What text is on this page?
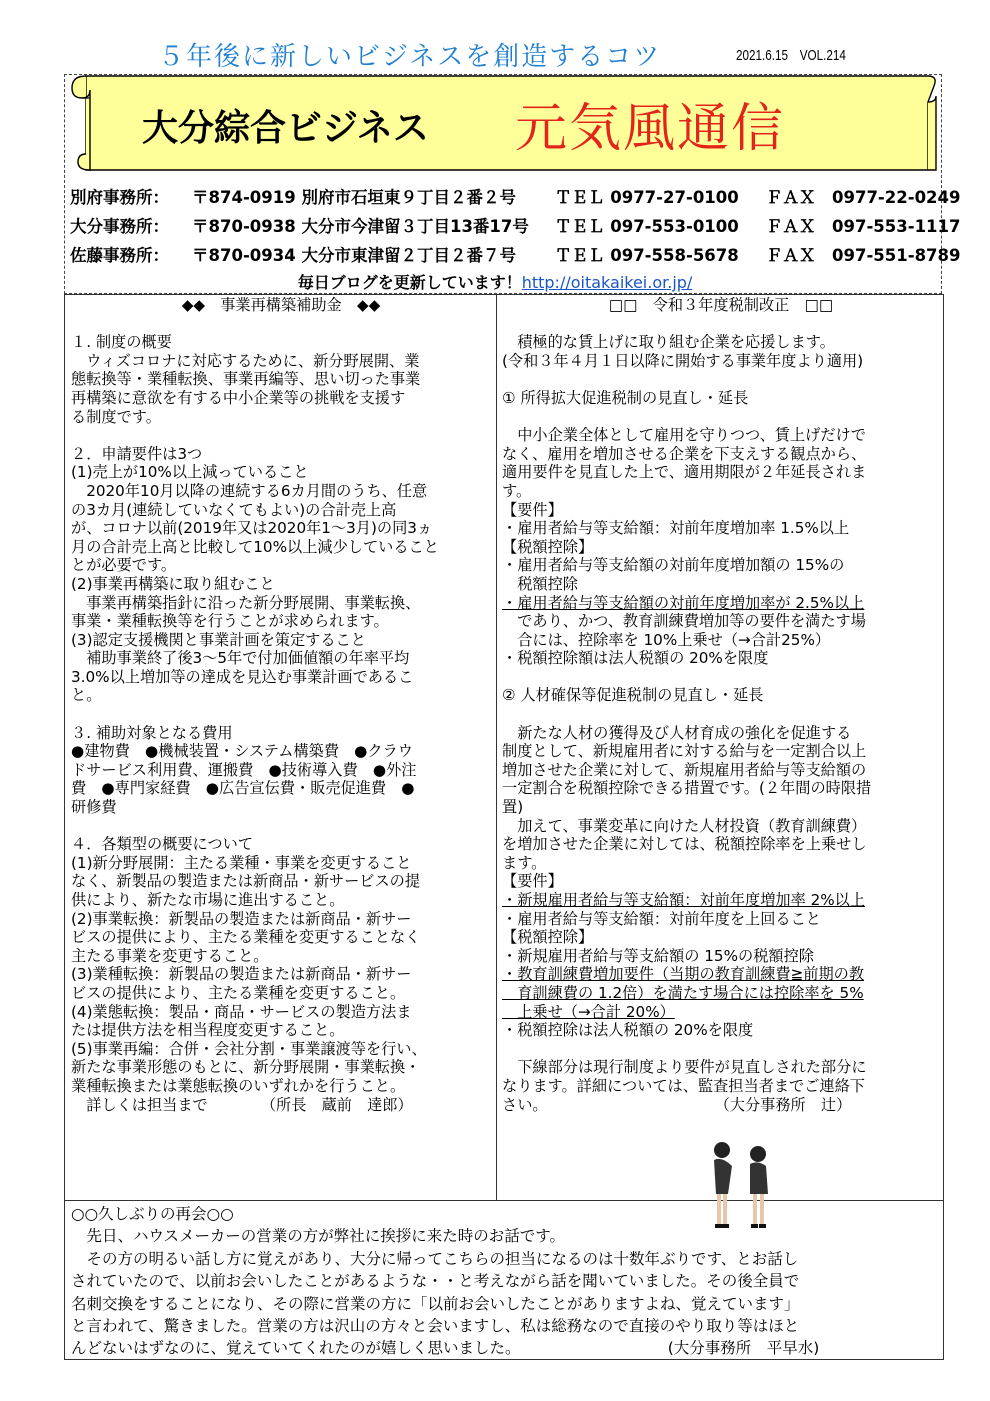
５年後に新しいビジネスを創造するコツ	2021.6.15　VOL.214
大分綜合ビジネス 元気風通信
別府事務所： 〒874-0919 別府市石垣東９丁目２番２号 ＴＥＬ 0977-27-0100 ＦＡＸ　0977-22-0249
大分事務所： 〒870-0938 大分市今津留３丁目13番17号 ＴＥＬ 097-553-0100 ＦＡＸ　097-553-1117
佐藤事務所： 〒870-0934 大分市東津留２丁目２番７号 ＴＥＬ 097-558-5678 ＦＡＸ　097-551-8789
毎日ブログを更新しています！http://oitakaikei.or.jp/

◆◆　事業再構築補助金　◆◆

１. 制度の概要

　ウィズコロナに対応するために、新分野展開、業

態転換等・業種転換、事業再編等、思い切った事業

再構築に意欲を有する中小企業等の挑戦を支援す

る制度です。

２．申請要件は3つ

(1)売上が10%以上減っていること

　2020年10月以降の連続する6カ月間のうち、任意

の3カ月(連続していなくてもよい)の合計売上高

が、コロナ以前(2019年又は2020年1～3月)の同3ヵ

月の合計売上高と比較して10%以上減少していること

とが必要です。

(2)事業再構築に取り組むこと

　事業再構築指針に沿った新分野展開、事業転換、

事業・業種転換等を行うことが求められます。

(3)認定支援機関と事業計画を策定すること

　補助事業終了後3～5年で付加価値額の年率平均

3.0%以上増加等の達成を見込む事業計画であるこ

と。

３. 補助対象となる費用

●建物費　●機械装置・システム構築費　●クラウ

ドサービス利用費、運搬費　●技術導入費　●外注

費　●専門家経費　●広告宣伝費・販売促進費　●

研修費

４．各類型の概要について

(1)新分野展開：主たる業種・事業を変更すること

なく、新製品の製造または新商品・新サービスの提

供により、新たな市場に進出すること。

(2)事業転換：新製品の製造または新商品・新サー

ビスの提供により、主たる業種を変更することなく

主たる事業を変更すること。

(3)業種転換：新製品の製造または新商品・新サー

ビスの提供により、主たる業種を変更すること。

(4)業態転換：製品・商品・サービスの製造方法ま

たは提供方法を相当程度変更すること。

(5)事業再編：合併・会社分割・事業譲渡等を行い、

新たな事業形態のもとに、新分野展開・事業転換・

業種転換または業態転換のいずれかを行うこと。

　詳しくは担当まで　　　　（所長　蔵前　達郎）

□□　令和３年度税制改正　□□

　積極的な賃上げに取り組む企業を応援します。

(令和３年４月１日以降に開始する事業年度より適用)

① 所得拡大促進税制の見直し・延長

　中小企業全体として雇用を守りつつ、賃上げだけで

なく、雇用を増加させる企業を下支えする観点から、

適用要件を見直した上で、適用期限が２年延長されま

す。

【要件】

・雇用者給与等支給額：対前年度増加率 1.5%以上

【税額控除】

・雇用者給与等支給額の対前年度増加額の 15%の

　税額控除

・雇用者給与等支給額の対前年度増加率が 2.5%以上

　であり、かつ、教育訓練費増加等の要件を満たす場

　合には、控除率を 10%上乗せ（→合計25%）

・税額控除額は法人税額の 20%を限度

② 人材確保等促進税制の見直し・延長

　新たな人材の獲得及び人材育成の強化を促進する

制度として、新規雇用者に対する給与を一定割合以上

増加させた企業に対して、新規雇用者給与等支給額の

一定割合を税額控除できる措置です。(２年間の時限措

置)

　加えて、事業変革に向けた人材投資（教育訓練費）

を増加させた企業に対しては、税額控除率を上乗せし

ます。

【要件】

・新規雇用者給与等支給額：対前年度増加率 2%以上

・雇用者給与等支給額：対前年度を上回ること

【税額控除】

・新規雇用者給与等支給額の 15%の税額控除

・教育訓練費増加要件（当期の教育訓練費≧前期の教

　育訓練費の 1.2倍）を満たす場合には控除率を 5%

　上乗せ（→合計 20%）

・税額控除は法人税額の 20%を限度

　下線部分は現行制度より要件が見直しされた部分に

なります。詳細については、監査担当者までご連絡下

さい。　　　　　　　　　　　　（大分事務所　辻）

○○久しぶりの再会○○

　先日、ハウスメーカーの営業の方が弊社に挨拶に来た時のお話です。

　その方の明るい話し方に覚えがあり、大分に帰ってこちらの担当になるのは十数年ぶりです、とお話し

されていたので、以前お会いしたことがあるような・・と考えながら話を聞いていました。その後全員で

名刺交換をすることになり、その際に営業の方に「以前お会いしたことがありますよね、覚えています」

と言われて、驚きました。営業の方は沢山の方々と会いますし、私は総務なので直接のやり取り等はほと

んどないはずなのに、覚えていてくれたのが嬉しく思いました。　　　　　　　　　　(大分事務所　平早水)
